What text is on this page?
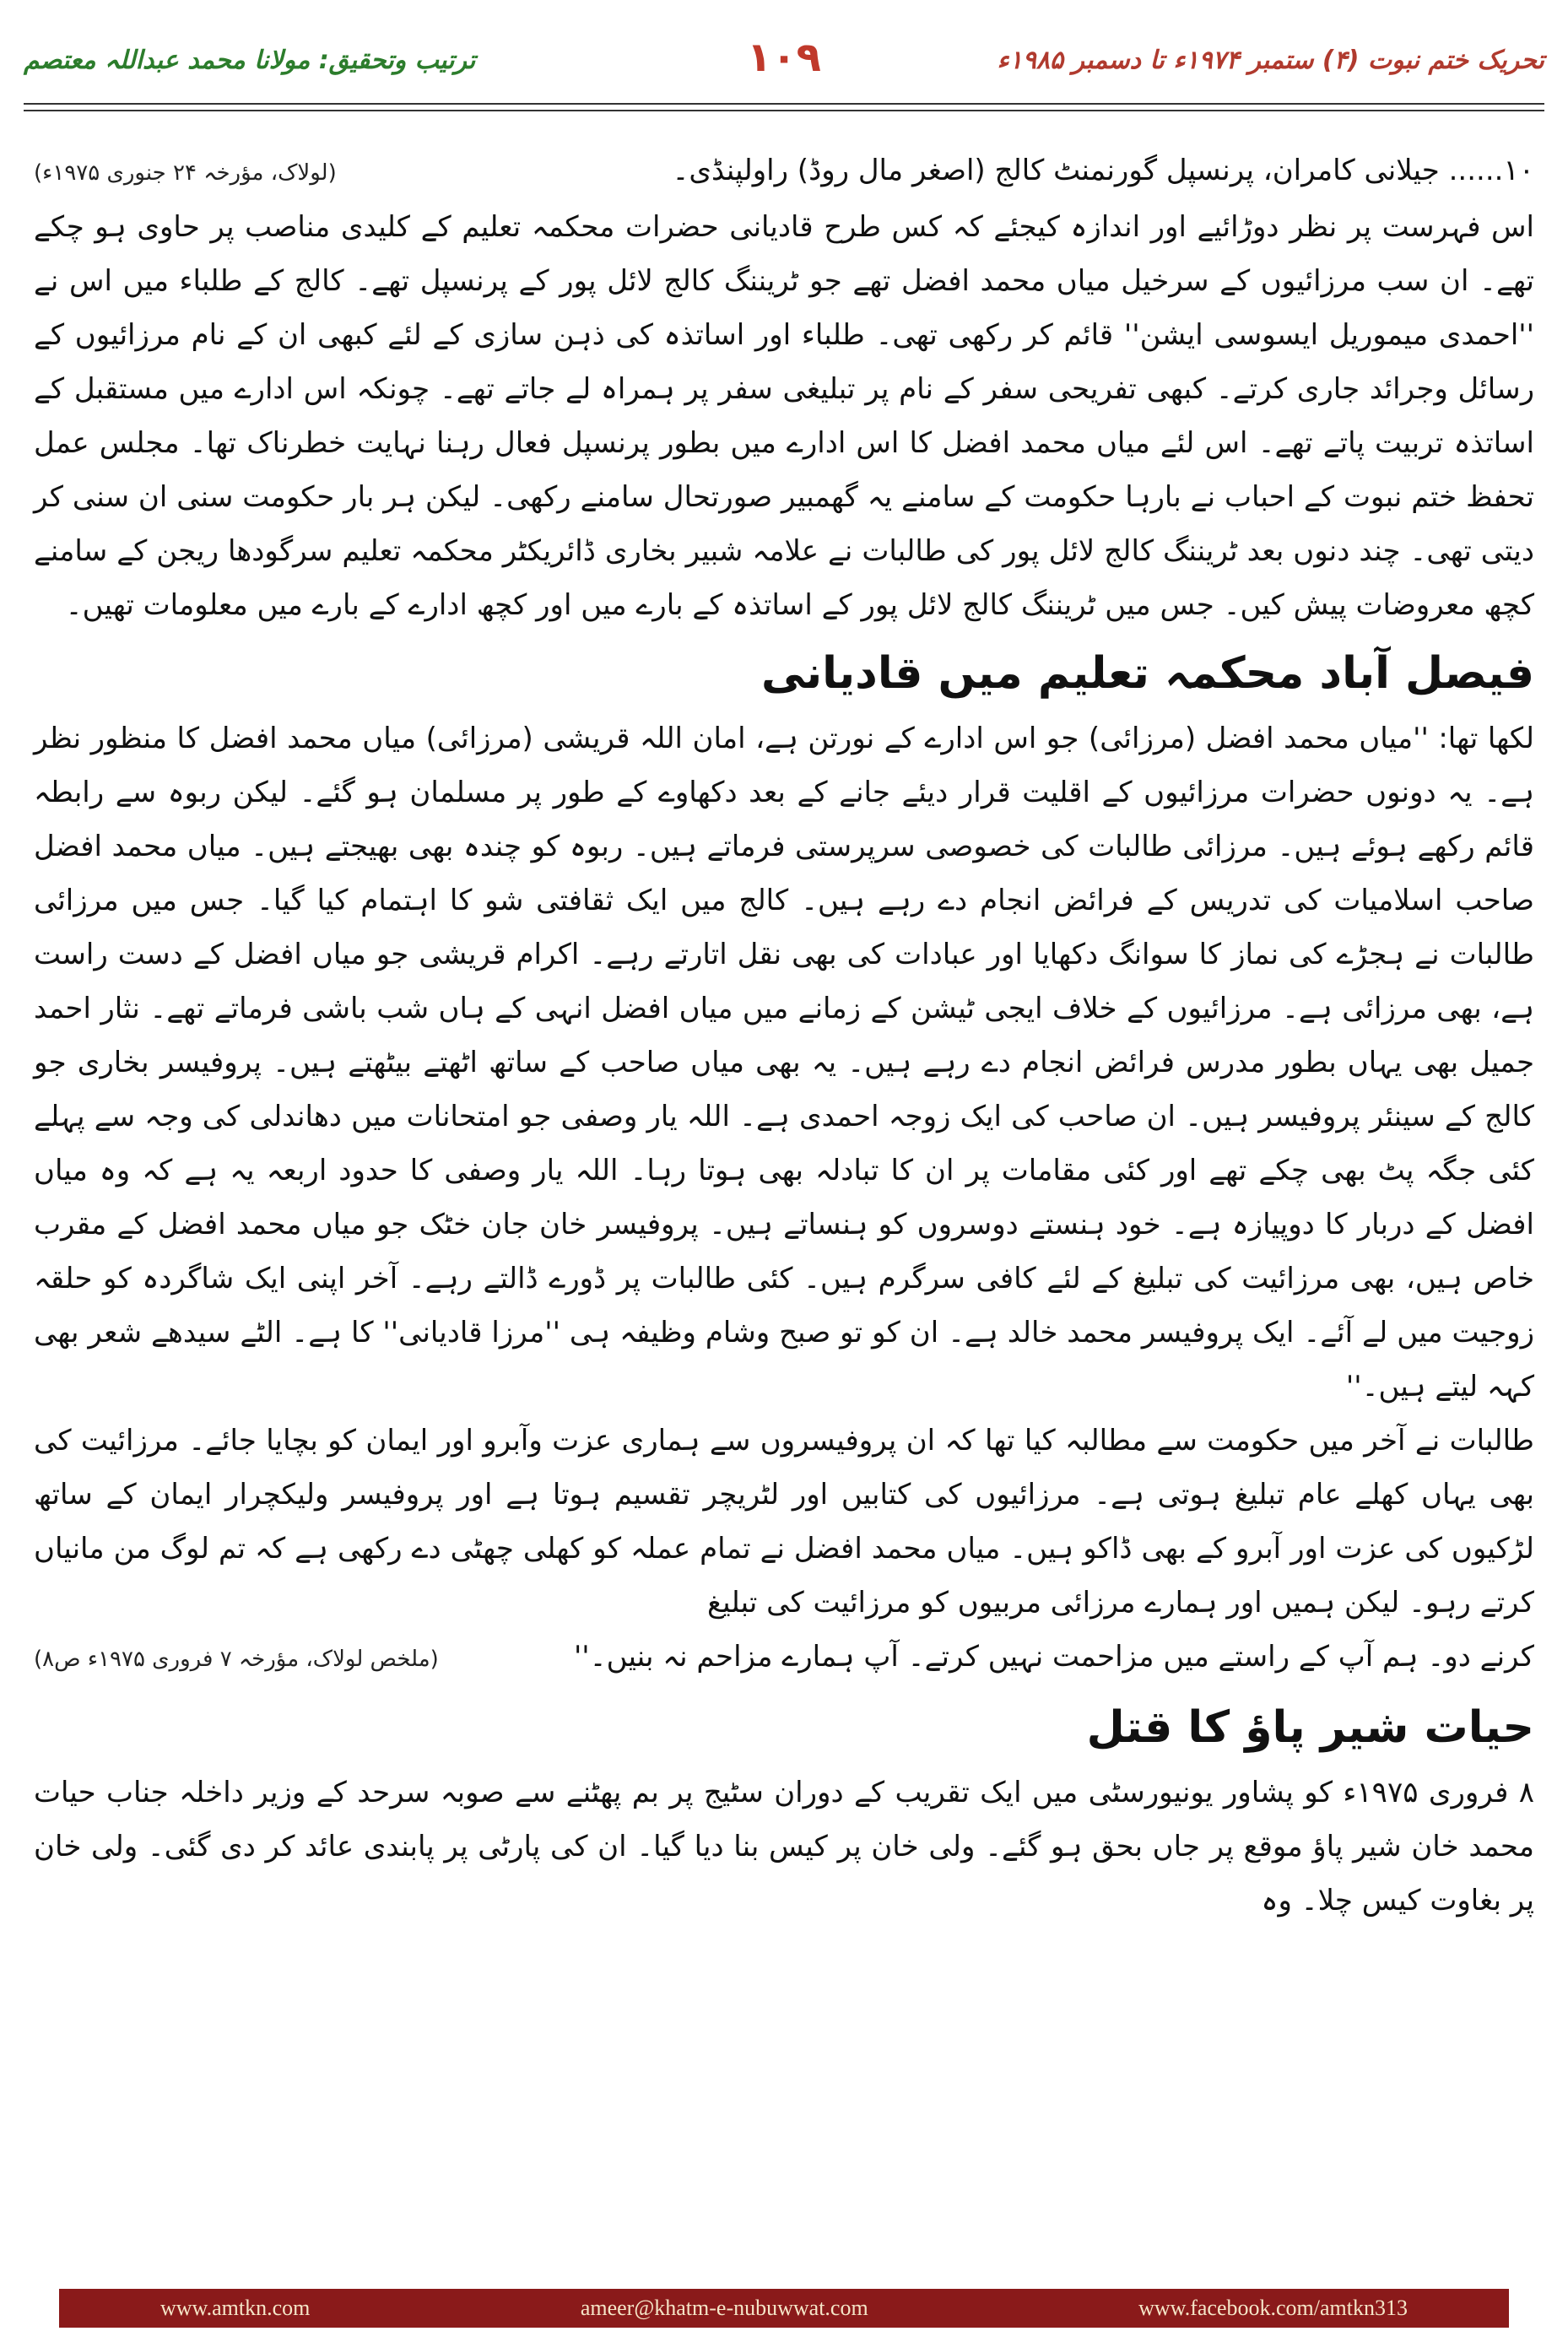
ترتیب وتحقیق: مولانا محمد عبداللہ معتصم	۱۰۹	تحریک ختم نبوت (۴) ستمبر ۱۹۷۴ء تا دسمبر ۱۹۸۵ء
۱۰...... جیلانی کامران، پرنسپل گورنمنٹ کالج (اصغر مال روڈ) راولپنڈی۔
(لولاک، مؤرخہ ۲۴ جنوری ۱۹۷۵ء)

اس فہرست پر نظر دوڑائیے اور اندازہ کیجئے کہ کس طرح قادیانی حضرات محکمہ تعلیم کے کلیدی مناصب پر حاوی ہو چکے تھے۔ ان سب مرزائیوں کے سرخیل میاں محمد افضل تھے جو ٹریننگ کالج لائل پور کے پرنسپل تھے۔ کالج کے طلباء میں اس نے ''احمدی میموریل ایسوسی ایشن'' قائم کر رکھی تھی۔ طلباء اور اساتذہ کی ذہن سازی کے لئے کبھی ان کے نام مرزائیوں کے رسائل وجرائد جاری کرتے۔ کبھی تفریحی سفر کے نام پر تبلیغی سفر پر ہمراہ لے جاتے تھے۔ چونکہ اس ادارے میں مستقبل کے اساتذہ تربیت پاتے تھے۔ اس لئے میاں محمد افضل کا اس ادارے میں بطور پرنسپل فعال رہنا نہایت خطرناک تھا۔ مجلس عمل تحفظ ختم نبوت کے احباب نے بارہا حکومت کے سامنے یہ گھمبیر صورتحال سامنے رکھی۔ لیکن ہر بار حکومت سنی ان سنی کر دیتی تھی۔ چند دنوں بعد ٹریننگ کالج لائل پور کی طالبات نے علامہ شبیر بخاری ڈائریکٹر محکمہ تعلیم سرگودھا ریجن کے سامنے کچھ معروضات پیش کیں۔ جس میں ٹریننگ کالج لائل پور کے اساتذہ کے بارے میں اور کچھ ادارے کے بارے میں معلومات تھیں۔

فیصل آباد محکمہ تعلیم میں قادیانی

لکھا تھا: ''میاں محمد افضل (مرزائی) جو اس ادارے کے نورتن ہے، امان اللہ قریشی (مرزائی) میاں محمد افضل کا منظور نظر ہے۔ یہ دونوں حضرات مرزائیوں کے اقلیت قرار دیئے جانے کے بعد دکھاوے کے طور پر مسلمان ہو گئے۔ لیکن ربوہ سے رابطہ قائم رکھے ہوئے ہیں۔ مرزائی طالبات کی خصوصی سرپرستی فرماتے ہیں۔ ربوہ کو چندہ بھی بھیجتے ہیں۔ میاں محمد افضل صاحب اسلامیات کی تدریس کے فرائض انجام دے رہے ہیں۔ کالج میں ایک ثقافتی شو کا اہتمام کیا گیا۔ جس میں مرزائی طالبات نے ہجڑے کی نماز کا سوانگ دکھایا اور عبادات کی بھی نقل اتارتے رہے۔ اکرام قریشی جو میاں افضل کے دست راست ہے، بھی مرزائی ہے۔ مرزائیوں کے خلاف ایجی ٹیشن کے زمانے میں میاں افضل انہی کے ہاں شب باشی فرماتے تھے۔ نثار احمد جمیل بھی یہاں بطور مدرس فرائض انجام دے رہے ہیں۔ یہ بھی میاں صاحب کے ساتھ اٹھتے بیٹھتے ہیں۔ پروفیسر بخاری جو کالج کے سینئر پروفیسر ہیں۔ ان صاحب کی ایک زوجہ احمدی ہے۔ اللہ یار وصفی جو امتحانات میں دھاندلی کی وجہ سے پہلے کئی جگہ پٹ بھی چکے تھے اور کئی مقامات پر ان کا تبادلہ بھی ہوتا رہا۔ اللہ یار وصفی کا حدود اربعہ یہ ہے کہ وہ میاں افضل کے دربار کا دوپیازہ ہے۔ خود ہنستے دوسروں کو ہنساتے ہیں۔ پروفیسر خان جان خٹک جو میاں محمد افضل کے مقرب خاص ہیں، بھی مرزائیت کی تبلیغ کے لئے کافی سرگرم ہیں۔ کئی طالبات پر ڈورے ڈالتے رہے۔ آخر اپنی ایک شاگردہ کو حلقہ زوجیت میں لے آئے۔ ایک پروفیسر محمد خالد ہے۔ ان کو تو صبح وشام وظیفہ ہی ''مرزا قادیانی'' کا ہے۔ الٹے سیدھے شعر بھی کہہ لیتے ہیں۔''

طالبات نے آخر میں حکومت سے مطالبہ کیا تھا کہ ان پروفیسروں سے ہماری عزت وآبرو اور ایمان کو بچایا جائے۔ مرزائیت کی بھی یہاں کھلے عام تبلیغ ہوتی ہے۔ مرزائیوں کی کتابیں اور لٹریچر تقسیم ہوتا ہے اور پروفیسر ولیکچرار ایمان کے ساتھ لڑکیوں کی عزت اور آبرو کے بھی ڈاکو ہیں۔ میاں محمد افضل نے تمام عملہ کو کھلی چھٹی دے رکھی ہے کہ تم لوگ من مانیاں کرتے رہو۔ لیکن ہمیں اور ہمارے مرزائی مربیوں کو مرزائیت کی تبلیغ

کرنے دو۔ ہم آپ کے راستے میں مزاحمت نہیں کرتے۔ آپ ہمارے مزاحم نہ بنیں۔''
(ملخص لولاک، مؤرخہ ۷ فروری ۱۹۷۵ء ص۸)
حیات شیر پاؤ کا قتل

۸ فروری ۱۹۷۵ء کو پشاور یونیورسٹی میں ایک تقریب کے دوران سٹیج پر بم پھٹنے سے صوبہ سرحد کے وزیر داخلہ جناب حیات محمد خان شیر پاؤ موقع پر جاں بحق ہو گئے۔ ولی خان پر کیس بنا دیا گیا۔ ان کی پارٹی پر پابندی عائد کر دی گئی۔ ولی خان پر بغاوت کیس چلا۔ وہ

www.amtkn.com	ameer@khatm-e-nubuwwat.com	www.facebook.com/amtkn313
